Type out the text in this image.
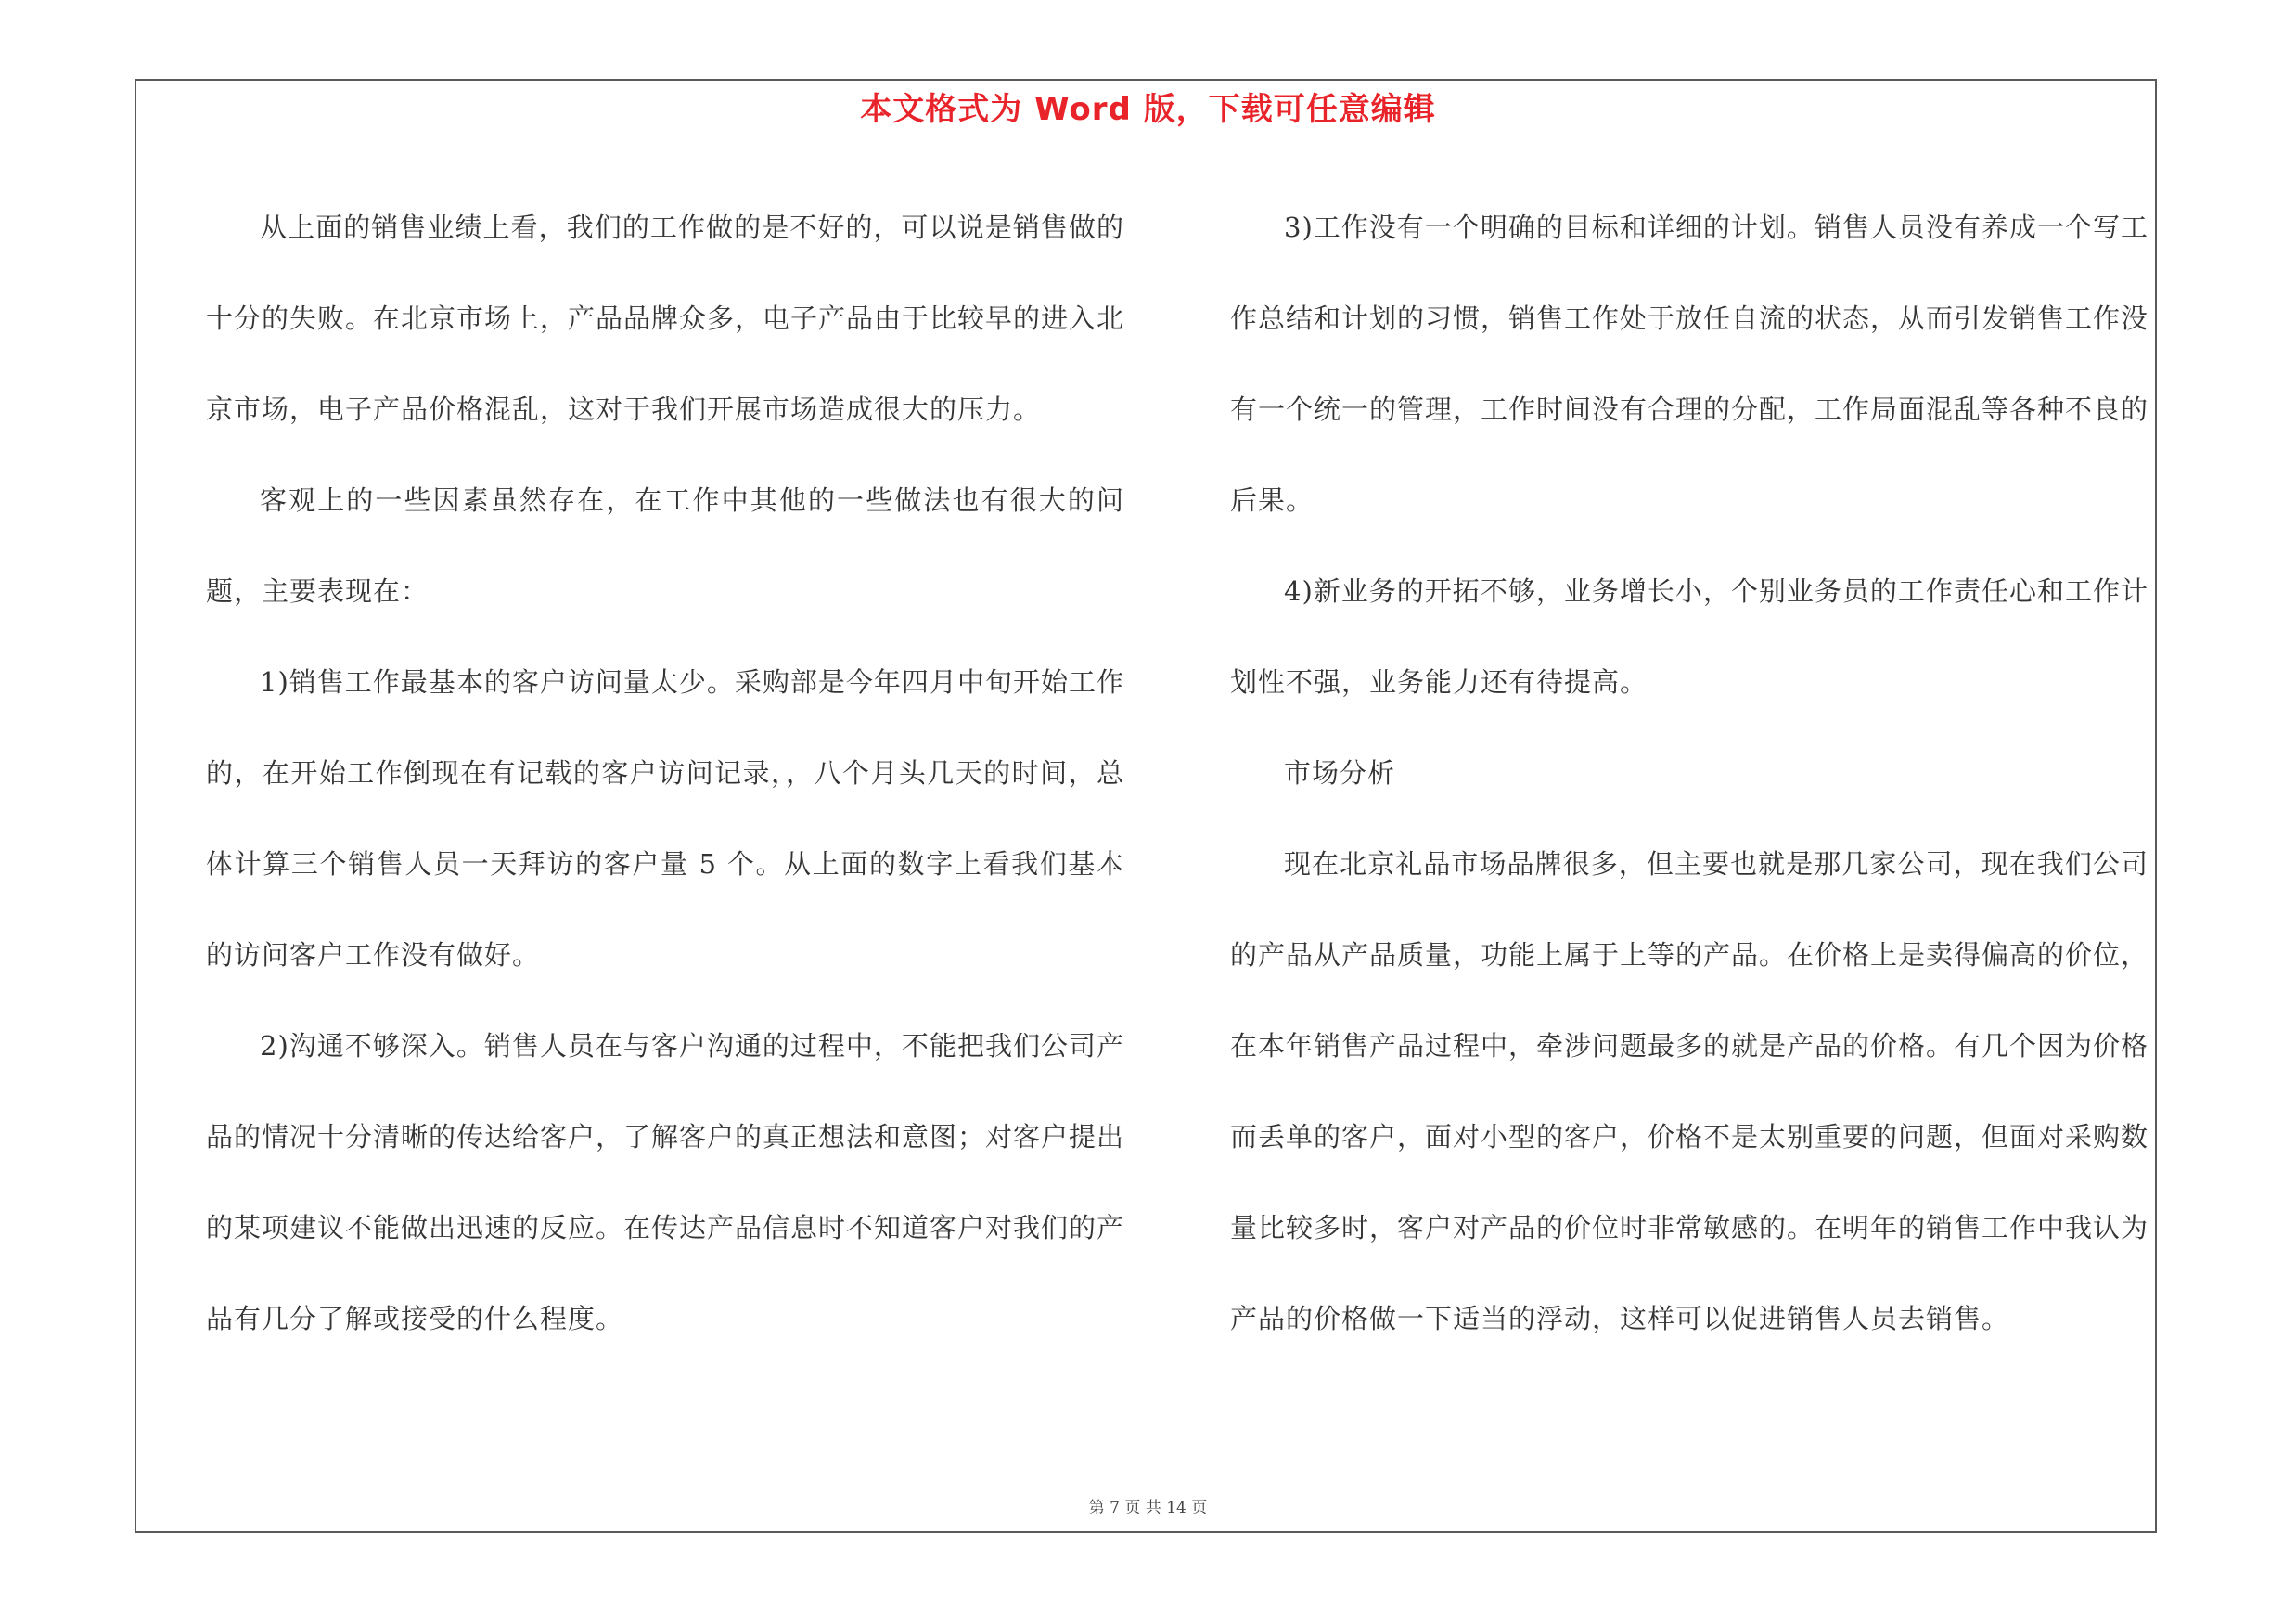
本文格式为 Word 版，下载可任意编辑

从上面的销售业绩上看，我们的工作做的是不好的，可以说是销售做的十分的失败。在北京市场上，产品品牌众多，电子产品由于比较早的进入北京市场，电子产品价格混乱，这对于我们开展市场造成很大的压力。

客观上的一些因素虽然存在，在工作中其他的一些做法也有很大的问题，主要表现在：

1)销售工作最基本的客户访问量太少。采购部是今年四月中旬开始工作的，在开始工作倒现在有记载的客户访问记录，，八个月头几天的时间，总体计算三个销售人员一天拜访的客户量 5 个。从上面的数字上看我们基本的访问客户工作没有做好。

2)沟通不够深入。销售人员在与客户沟通的过程中，不能把我们公司产品的情况十分清晰的传达给客户，了解客户的真正想法和意图；对客户提出的某项建议不能做出迅速的反应。在传达产品信息时不知道客户对我们的产品有几分了解或接受的什么程度。

3)工作没有一个明确的目标和详细的计划。销售人员没有养成一个写工作总结和计划的习惯，销售工作处于放任自流的状态，从而引发销售工作没有一个统一的管理，工作时间没有合理的分配，工作局面混乱等各种不良的后果。

4)新业务的开拓不够，业务增长小，个别业务员的工作责任心和工作计划性不强，业务能力还有待提高。

市场分析

现在北京礼品市场品牌很多，但主要也就是那几家公司，现在我们公司的产品从产品质量，功能上属于上等的产品。在价格上是卖得偏高的价位，在本年销售产品过程中，牵涉问题最多的就是产品的价格。有几个因为价格而丢单的客户，面对小型的客户，价格不是太别重要的问题，但面对采购数量比较多时，客户对产品的价位时非常敏感的。在明年的销售工作中我认为产品的价格做一下适当的浮动，这样可以促进销售人员去销售。

第 7 页 共 14 页
